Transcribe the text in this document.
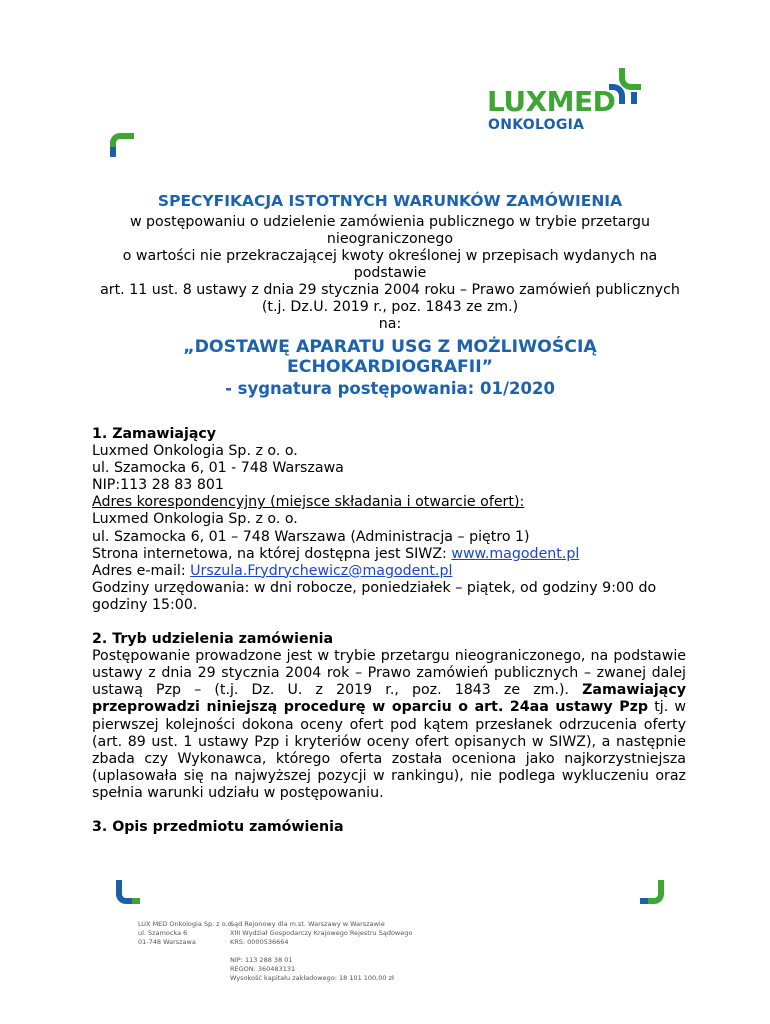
LUXMED
ONKOLOGIA

SPECYFIKACJA ISTOTNYCH WARUNKÓW ZAMÓWIENIA

w postępowaniu o udzielenie zamówienia publicznego w trybie przetargu nieograniczonego

o wartości nie przekraczającej kwoty określonej w przepisach wydanych na podstawie

art. 11 ust. 8 ustawy z dnia 29 stycznia 2004 roku – Prawo zamówień publicznych

(t.j. Dz.U. 2019 r., poz. 1843 ze zm.)

na:

„DOSTAWĘ APARATU USG Z MOŻLIWOŚCIĄ ECHOKARDIOGRAFII”

- sygnatura postępowania: 01/2020

1. Zamawiający

Luxmed Onkologia Sp. z o. o.

ul. Szamocka 6, 01 - 748 Warszawa

NIP:113 28 83 801

Adres korespondencyjny (miejsce składania i otwarcie ofert):

Luxmed Onkologia Sp. z o. o.

ul. Szamocka 6, 01 – 748 Warszawa (Administracja – piętro 1)

Strona internetowa, na której dostępna jest SIWZ: www.magodent.pl

Adres e-mail: Urszula.Frydrychewicz@magodent.pl

Godziny urzędowania: w dni robocze, poniedziałek – piątek, od godziny 9:00 do godziny 15:00.

2. Tryb udzielenia zamówienia

Postępowanie prowadzone jest w trybie przetargu nieograniczonego, na podstawie ustawy z dnia 29 stycznia 2004 rok – Prawo zamówień publicznych – zwanej dalej ustawą Pzp – (t.j. Dz. U. z 2019 r., poz. 1843 ze zm.). Zamawiający przeprowadzi niniejszą procedurę w oparciu o art. 24aa ustawy Pzp tj. w pierwszej kolejności dokona oceny ofert pod kątem przesłanek odrzucenia oferty (art. 89 ust. 1 ustawy Pzp i kryteriów oceny ofert opisanych w SIWZ), a następnie zbada czy Wykonawca, którego oferta została oceniona jako najkorzystniejsza (uplasowała się na najwyższej pozycji w rankingu), nie podlega wykluczeniu oraz spełnia warunki udziału w postępowaniu.

3. Opis przedmiotu zamówienia

LUX MED Onkologia Sp. z o.o.
ul. Szamocka 6
01-748 Warszawa
Sąd Rejonowy dla m.st. Warszawy w Warszawie
XIII Wydział Gospodarczy Krajowego Rejestru Sądowego
KRS: 0000536664
NIP: 113 288 38 01
REGON: 360483131
Wysokość kapitału zakładowego: 18 101 100,00 zł
